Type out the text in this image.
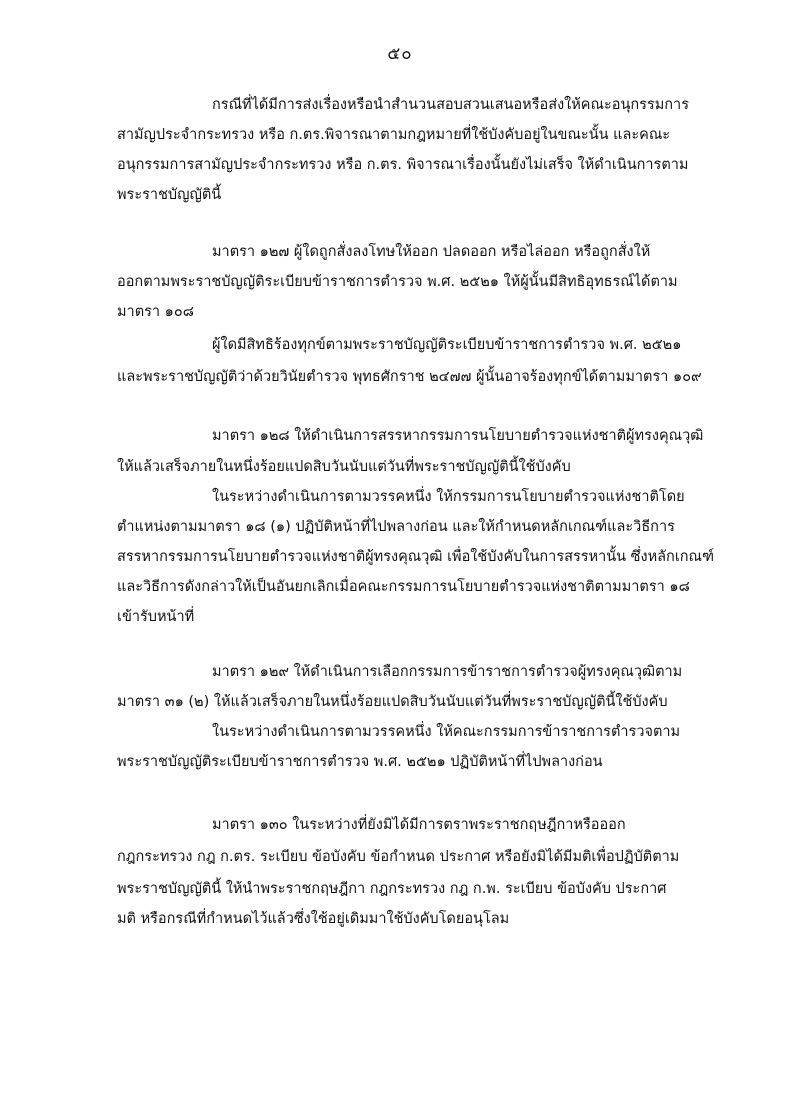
๕๐
กรณีที่ได้มีการส่งเรื่องหรือนำสำนวนสอบสวนเสนอหรือส่งให้คณะอนุกรรมการ
สามัญประจำกระทรวง หรือ ก.ตร.พิจารณาตามกฎหมายที่ใช้บังคับอยู่ในขณะนั้น และคณะ
อนุกรรมการสามัญประจำกระทรวง หรือ ก.ตร. พิจารณาเรื่องนั้นยังไม่เสร็จ ให้ดำเนินการตาม
พระราชบัญญัตินี้
มาตรา ๑๒๗ ผู้ใดถูกสั่งลงโทษให้ออก ปลดออก หรือไล่ออก หรือถูกสั่งให้
ออกตามพระราชบัญญัติระเบียบข้าราชการตำรวจ พ.ศ. ๒๕๒๑ ให้ผู้นั้นมีสิทธิอุทธรณ์ได้ตาม
มาตรา ๑๐๘
ผู้ใดมีสิทธิร้องทุกข์ตามพระราชบัญญัติระเบียบข้าราชการตำรวจ พ.ศ. ๒๕๒๑
และพระราชบัญญัติว่าด้วยวินัยตำรวจ พุทธศักราช ๒๔๗๗ ผู้นั้นอาจร้องทุกข์ได้ตามมาตรา ๑๐๙
มาตรา ๑๒๘ ให้ดำเนินการสรรหากรรมการนโยบายตำรวจแห่งชาติผู้ทรงคุณวุฒิ
ให้แล้วเสร็จภายในหนึ่งร้อยแปดสิบวันนับแต่วันที่พระราชบัญญัตินี้ใช้บังคับ
ในระหว่างดำเนินการตามวรรคหนึ่ง ให้กรรมการนโยบายตำรวจแห่งชาติโดย
ตำแหน่งตามมาตรา ๑๘ (๑) ปฏิบัติหน้าที่ไปพลางก่อน และให้กำหนดหลักเกณฑ์และวิธีการ
สรรหากรรมการนโยบายตำรวจแห่งชาติผู้ทรงคุณวุฒิ เพื่อใช้บังคับในการสรรหานั้น ซึ่งหลักเกณฑ์
และวิธีการดังกล่าวให้เป็นอันยกเลิกเมื่อคณะกรรมการนโยบายตำรวจแห่งชาติตามมาตรา ๑๘
เข้ารับหน้าที่
มาตรา ๑๒๙ ให้ดำเนินการเลือกกรรมการข้าราชการตำรวจผู้ทรงคุณวุฒิตาม
มาตรา ๓๑ (๒) ให้แล้วเสร็จภายในหนึ่งร้อยแปดสิบวันนับแต่วันที่พระราชบัญญัตินี้ใช้บังคับ
ในระหว่างดำเนินการตามวรรคหนึ่ง ให้คณะกรรมการข้าราชการตำรวจตาม
พระราชบัญญัติระเบียบข้าราชการตำรวจ พ.ศ. ๒๕๒๑ ปฏิบัติหน้าที่ไปพลางก่อน
มาตรา ๑๓๐ ในระหว่างที่ยังมิได้มีการตราพระราชกฤษฎีกาหรือออก
กฎกระทรวง กฎ ก.ตร. ระเบียบ ข้อบังคับ ข้อกำหนด ประกาศ หรือยังมิได้มีมติเพื่อปฏิบัติตาม
พระราชบัญญัตินี้ ให้นำพระราชกฤษฎีกา กฎกระทรวง กฎ ก.พ. ระเบียบ ข้อบังคับ ประกาศ
มติ หรือกรณีที่กำหนดไว้แล้วซึ่งใช้อยู่เดิมมาใช้บังคับโดยอนุโลม
